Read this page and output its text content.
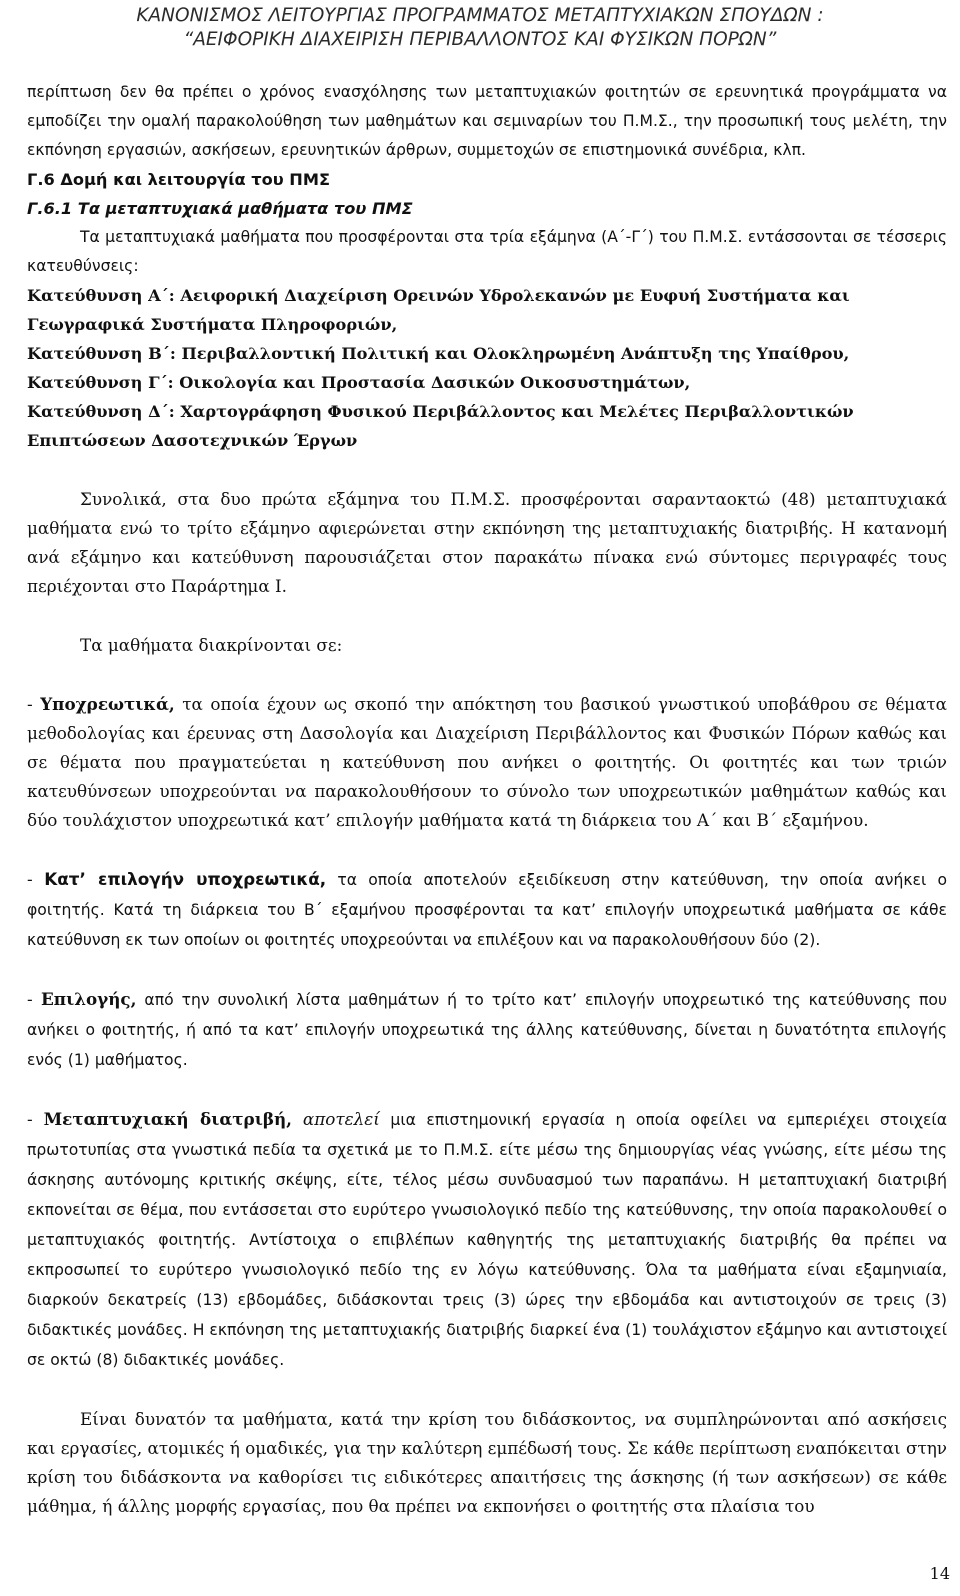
ΚΑΝΟΝΙΣΜΟΣ ΛΕΙΤΟΥΡΓΙΑΣ ΠΡΟΓΡΑΜΜΑΤΟΣ ΜΕΤΑΠΤΥΧΙΑΚΩΝ ΣΠΟΥΔΩΝ :
“ΑΕΙΦΟΡΙΚΗ ΔΙΑΧΕΙΡΙΣΗ ΠΕΡΙΒΑΛΛΟΝΤΟΣ ΚΑΙ ΦΥΣΙΚΩΝ ΠΟΡΩΝ”

περίπτωση δεν θα πρέπει ο χρόνος ενασχόλησης των μεταπτυχιακών φοιτητών σε ερευνητικά προγράμματα να εμποδίζει την ομαλή παρακολούθηση των μαθημάτων και σεμιναρίων του Π.Μ.Σ., την προσωπική τους μελέτη, την εκπόνηση εργασιών, ασκήσεων, ερευνητικών άρθρων, συμμετοχών σε επιστημονικά συνέδρια, κλπ.

Γ.6 Δομή και λειτουργία του ΠΜΣ

Γ.6.1 Τα μεταπτυχιακά μαθήματα του ΠΜΣ

Τα μεταπτυχιακά μαθήματα που προσφέρονται στα τρία εξάμηνα (Α΄-Γ΄) του Π.Μ.Σ. εντάσσονται σε τέσσερις κατευθύνσεις:

Κατεύθυνση Α΄: Αειφορική Διαχείριση Ορεινών Υδρολεκανών με Ευφυή Συστήματα και Γεωγραφικά Συστήματα Πληροφοριών,

Κατεύθυνση Β΄: Περιβαλλοντική Πολιτική και Ολοκληρωμένη Ανάπτυξη της Υπαίθρου,

Κατεύθυνση Γ΄: Οικολογία και Προστασία Δασικών Οικοσυστημάτων,

Κατεύθυνση Δ΄: Χαρτογράφηση Φυσικού Περιβάλλοντος και Μελέτες Περιβαλλοντικών Επιπτώσεων Δασοτεχνικών Έργων

Συνολικά, στα δυο πρώτα εξάμηνα του Π.Μ.Σ. προσφέρονται σαρανταοκτώ (48) μεταπτυχιακά μαθήματα ενώ το τρίτο εξάμηνο αφιερώνεται στην εκπόνηση της μεταπτυχιακής διατριβής. Η κατανομή ανά εξάμηνο και κατεύθυνση παρουσιάζεται στον παρακάτω πίνακα ενώ σύντομες περιγραφές τους περιέχονται στο Παράρτημα Ι.

Τα μαθήματα διακρίνονται σε:

- Υποχρεωτικά, τα οποία έχουν ως σκοπό την απόκτηση του βασικού γνωστικού υποβάθρου σε θέματα μεθοδολογίας και έρευνας στη Δασολογία και Διαχείριση Περιβάλλοντος και Φυσικών Πόρων καθώς και σε θέματα που πραγματεύεται η κατεύθυνση που ανήκει ο φοιτητής. Οι φοιτητές και των τριών κατευθύνσεων υποχρεούνται να παρακολουθήσουν το σύνολο των υποχρεωτικών μαθημάτων καθώς και δύο τουλάχιστον υποχρεωτικά κατ’ επιλογήν μαθήματα κατά τη διάρκεια του Α΄ και Β΄ εξαμήνου.

- Κατ’ επιλογήν υποχρεωτικά, τα οποία αποτελούν εξειδίκευση στην κατεύθυνση, την οποία ανήκει ο φοιτητής. Κατά τη διάρκεια του Β΄ εξαμήνου προσφέρονται τα κατ’ επιλογήν υποχρεωτικά μαθήματα σε κάθε κατεύθυνση εκ των οποίων οι φοιτητές υποχρεούνται να επιλέξουν και να παρακολουθήσουν δύο (2).

- Επιλογής, από την συνολική λίστα μαθημάτων ή το τρίτο κατ’ επιλογήν υποχρεωτικό της κατεύθυνσης που ανήκει ο φοιτητής, ή από τα κατ’ επιλογήν υποχρεωτικά της άλλης κατεύθυνσης, δίνεται η δυνατότητα επιλογής ενός (1) μαθήματος.

- Μεταπτυχιακή διατριβή, αποτελεί μια επιστημονική εργασία η οποία οφείλει να εμπεριέχει στοιχεία πρωτοτυπίας στα γνωστικά πεδία τα σχετικά με το Π.Μ.Σ. είτε μέσω της δημιουργίας νέας γνώσης, είτε μέσω της άσκησης αυτόνομης κριτικής σκέψης, είτε, τέλος μέσω συνδυασμού των παραπάνω. Η μεταπτυχιακή διατριβή εκπονείται σε θέμα, που εντάσσεται στο ευρύτερο γνωσιολογικό πεδίο της κατεύθυνσης, την οποία παρακολουθεί ο μεταπτυχιακός φοιτητής. Αντίστοιχα ο επιβλέπων καθηγητής της μεταπτυχιακής διατριβής θα πρέπει να εκπροσωπεί το ευρύτερο γνωσιολογικό πεδίο της εν λόγω κατεύθυνσης. Όλα τα μαθήματα είναι εξαμηνιαία, διαρκούν δεκατρείς (13) εβδομάδες, διδάσκονται τρεις (3) ώρες την εβδομάδα και αντιστοιχούν σε τρεις (3) διδακτικές μονάδες. Η εκπόνηση της μεταπτυχιακής διατριβής διαρκεί ένα (1) τουλάχιστον εξάμηνο και αντιστοιχεί σε οκτώ (8) διδακτικές μονάδες.

Είναι δυνατόν τα μαθήματα, κατά την κρίση του διδάσκοντος, να συμπληρώνονται από ασκήσεις και εργασίες, ατομικές ή ομαδικές, για την καλύτερη εμπέδωσή τους. Σε κάθε περίπτωση εναπόκειται στην κρίση του διδάσκοντα να καθορίσει τις ειδικότερες απαιτήσεις της άσκησης (ή των ασκήσεων) σε κάθε μάθημα, ή άλλης μορφής εργασίας, που θα πρέπει να εκπονήσει ο φοιτητής στα πλαίσια του

14
